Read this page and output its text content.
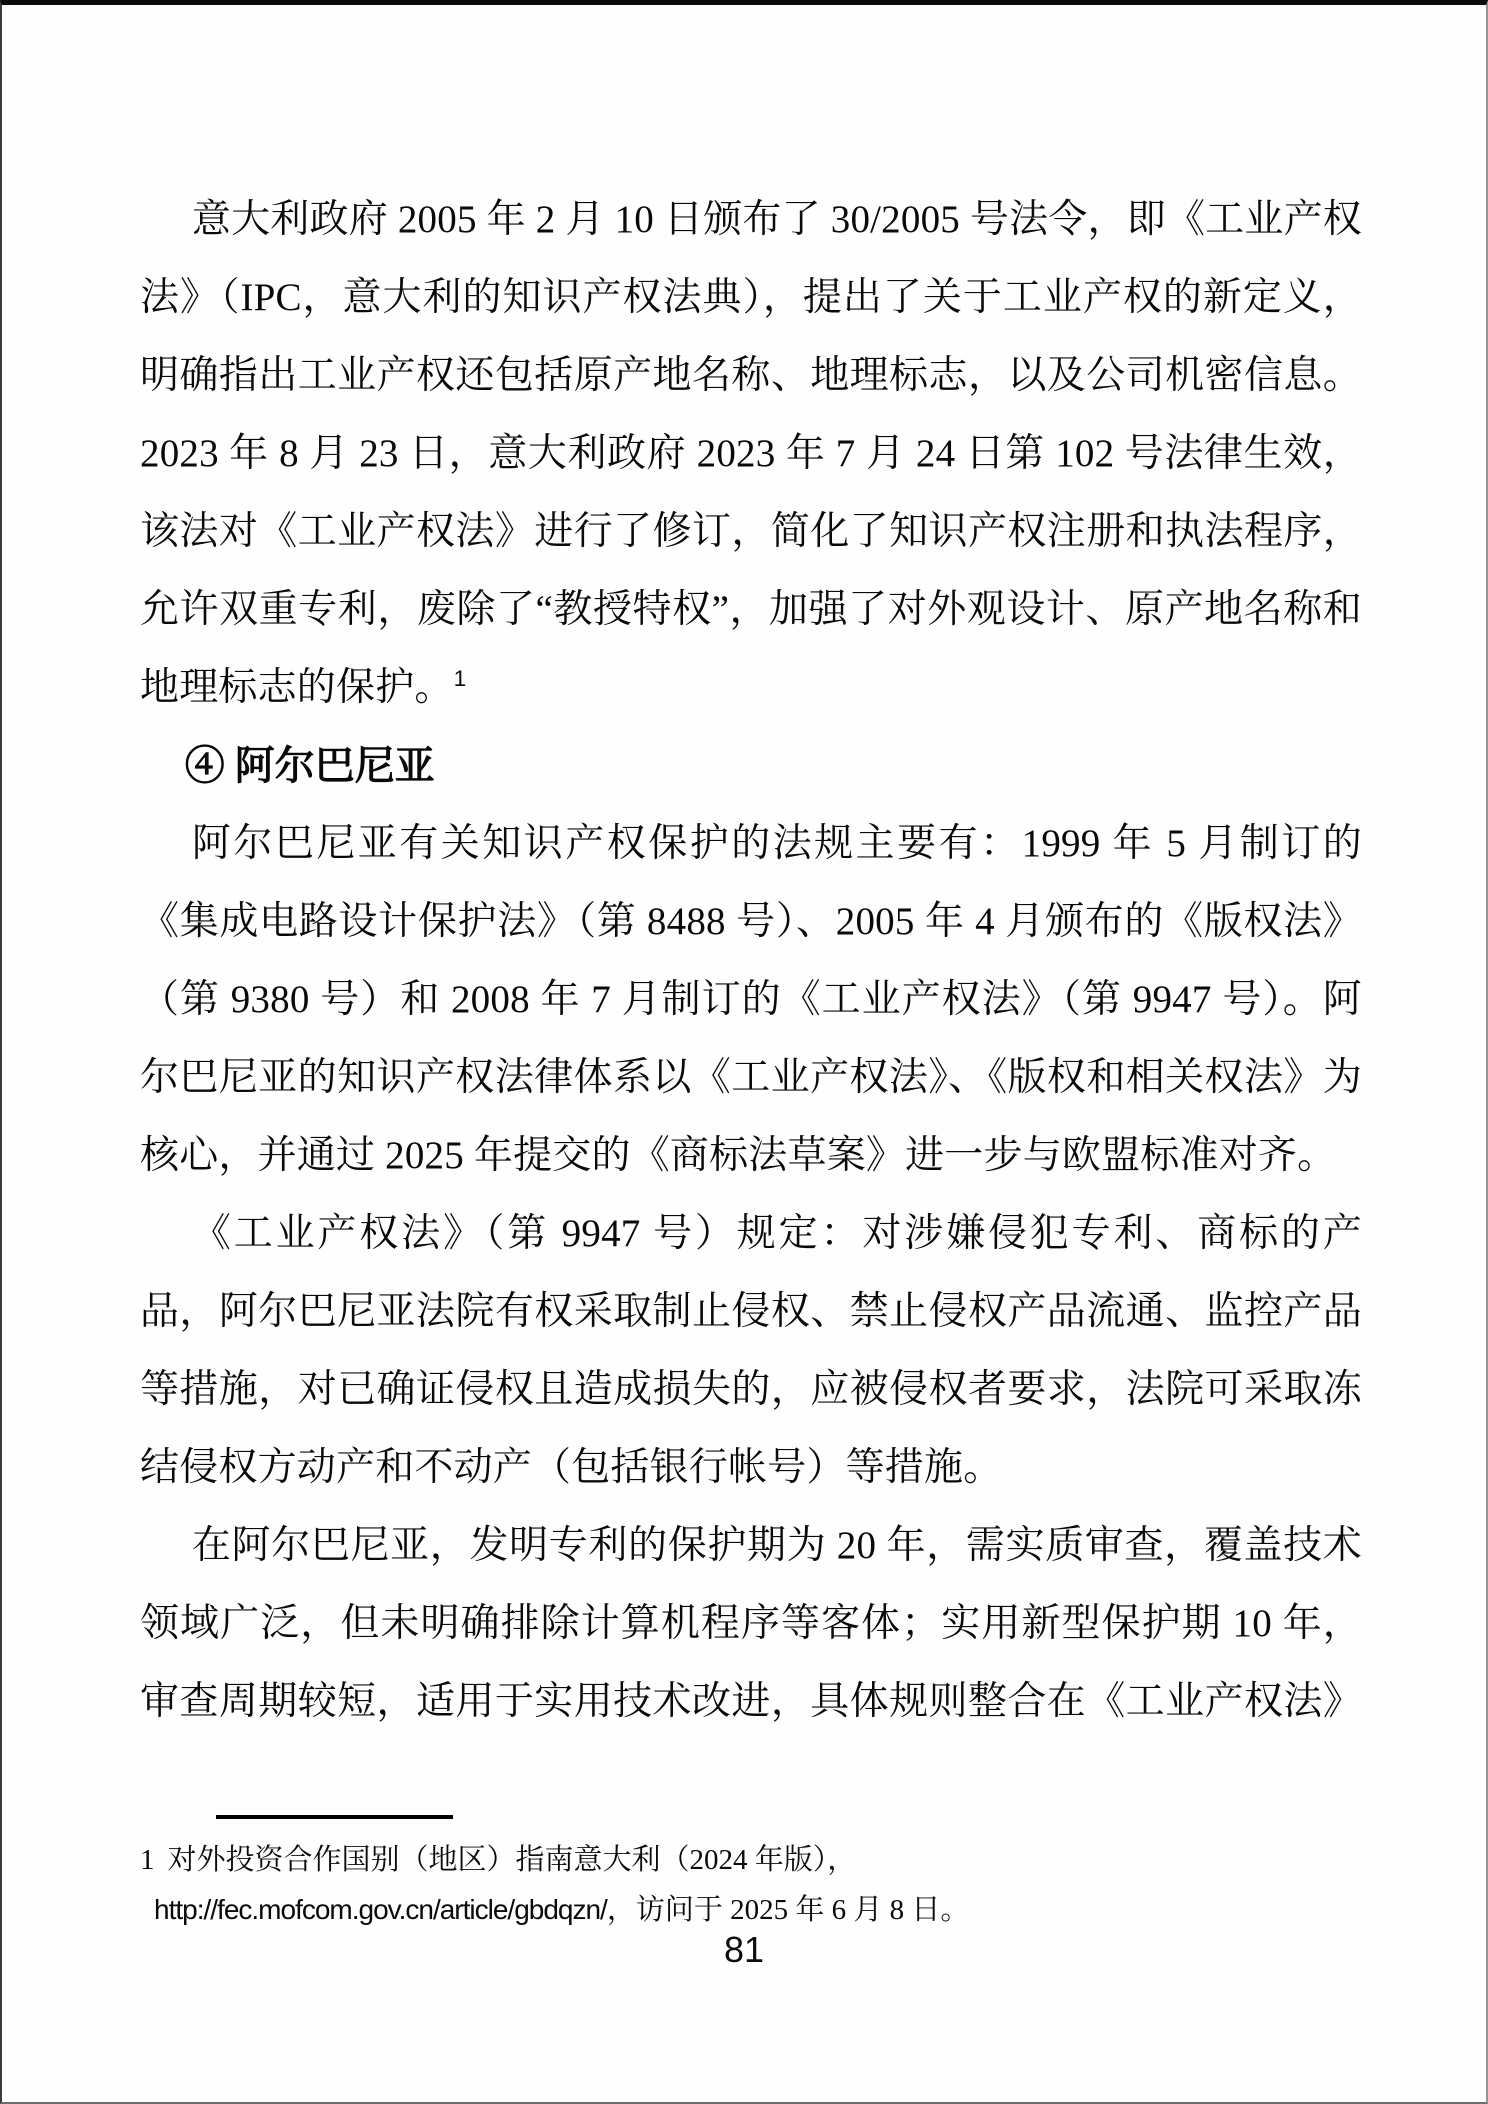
意大利政府 2005 年 2 月 10 日颁布了 30/2005 号法令，即《工业产权法》（IPC，意大利的知识产权法典），提出了关于工业产权的新定义，明确指出工业产权还包括原产地名称、地理标志，以及公司机密信息。2023 年 8 月 23 日，意大利政府 2023 年 7 月 24 日第 102 号法律生效，该法对《工业产权法》进行了修订，简化了知识产权注册和执法程序，允许双重专利，废除了“教授特权”，加强了对外观设计、原产地名称和地理标志的保护。$^1$

④ 阿尔巴尼亚

阿尔巴尼亚有关知识产权保护的法规主要有：1999 年 5 月制订的《集成电路设计保护法》（第 8488 号）、2005 年 4 月颁布的《版权法》（第 9380 号）和 2008 年 7 月制订的《工业产权法》（第 9947 号）。阿尔巴尼亚的知识产权法律体系以《工业产权法》、《版权和相关权法》为核心，并通过 2025 年提交的《商标法草案》进一步与欧盟标准对齐。

《工业产权法》（第 9947 号）规定：对涉嫌侵犯专利、商标的产品，阿尔巴尼亚法院有权采取制止侵权、禁止侵权产品流通、监控产品等措施，对已确证侵权且造成损失的，应被侵权者要求，法院可采取冻结侵权方动产和不动产（包括银行帐号）等措施。

在阿尔巴尼亚，发明专利的保护期为 20 年，需实质审查，覆盖技术领域广泛，但未明确排除计算机程序等客体；实用新型保护期 10 年，审查周期较短，适用于实用技术改进，具体规则整合在《工业产权法》

1 对外投资合作国别（地区）指南意大利（2024 年版），
http://fec.mofcom.gov.cn/article/gbdqzn/，访问于 2025 年 6 月 8 日。
81
